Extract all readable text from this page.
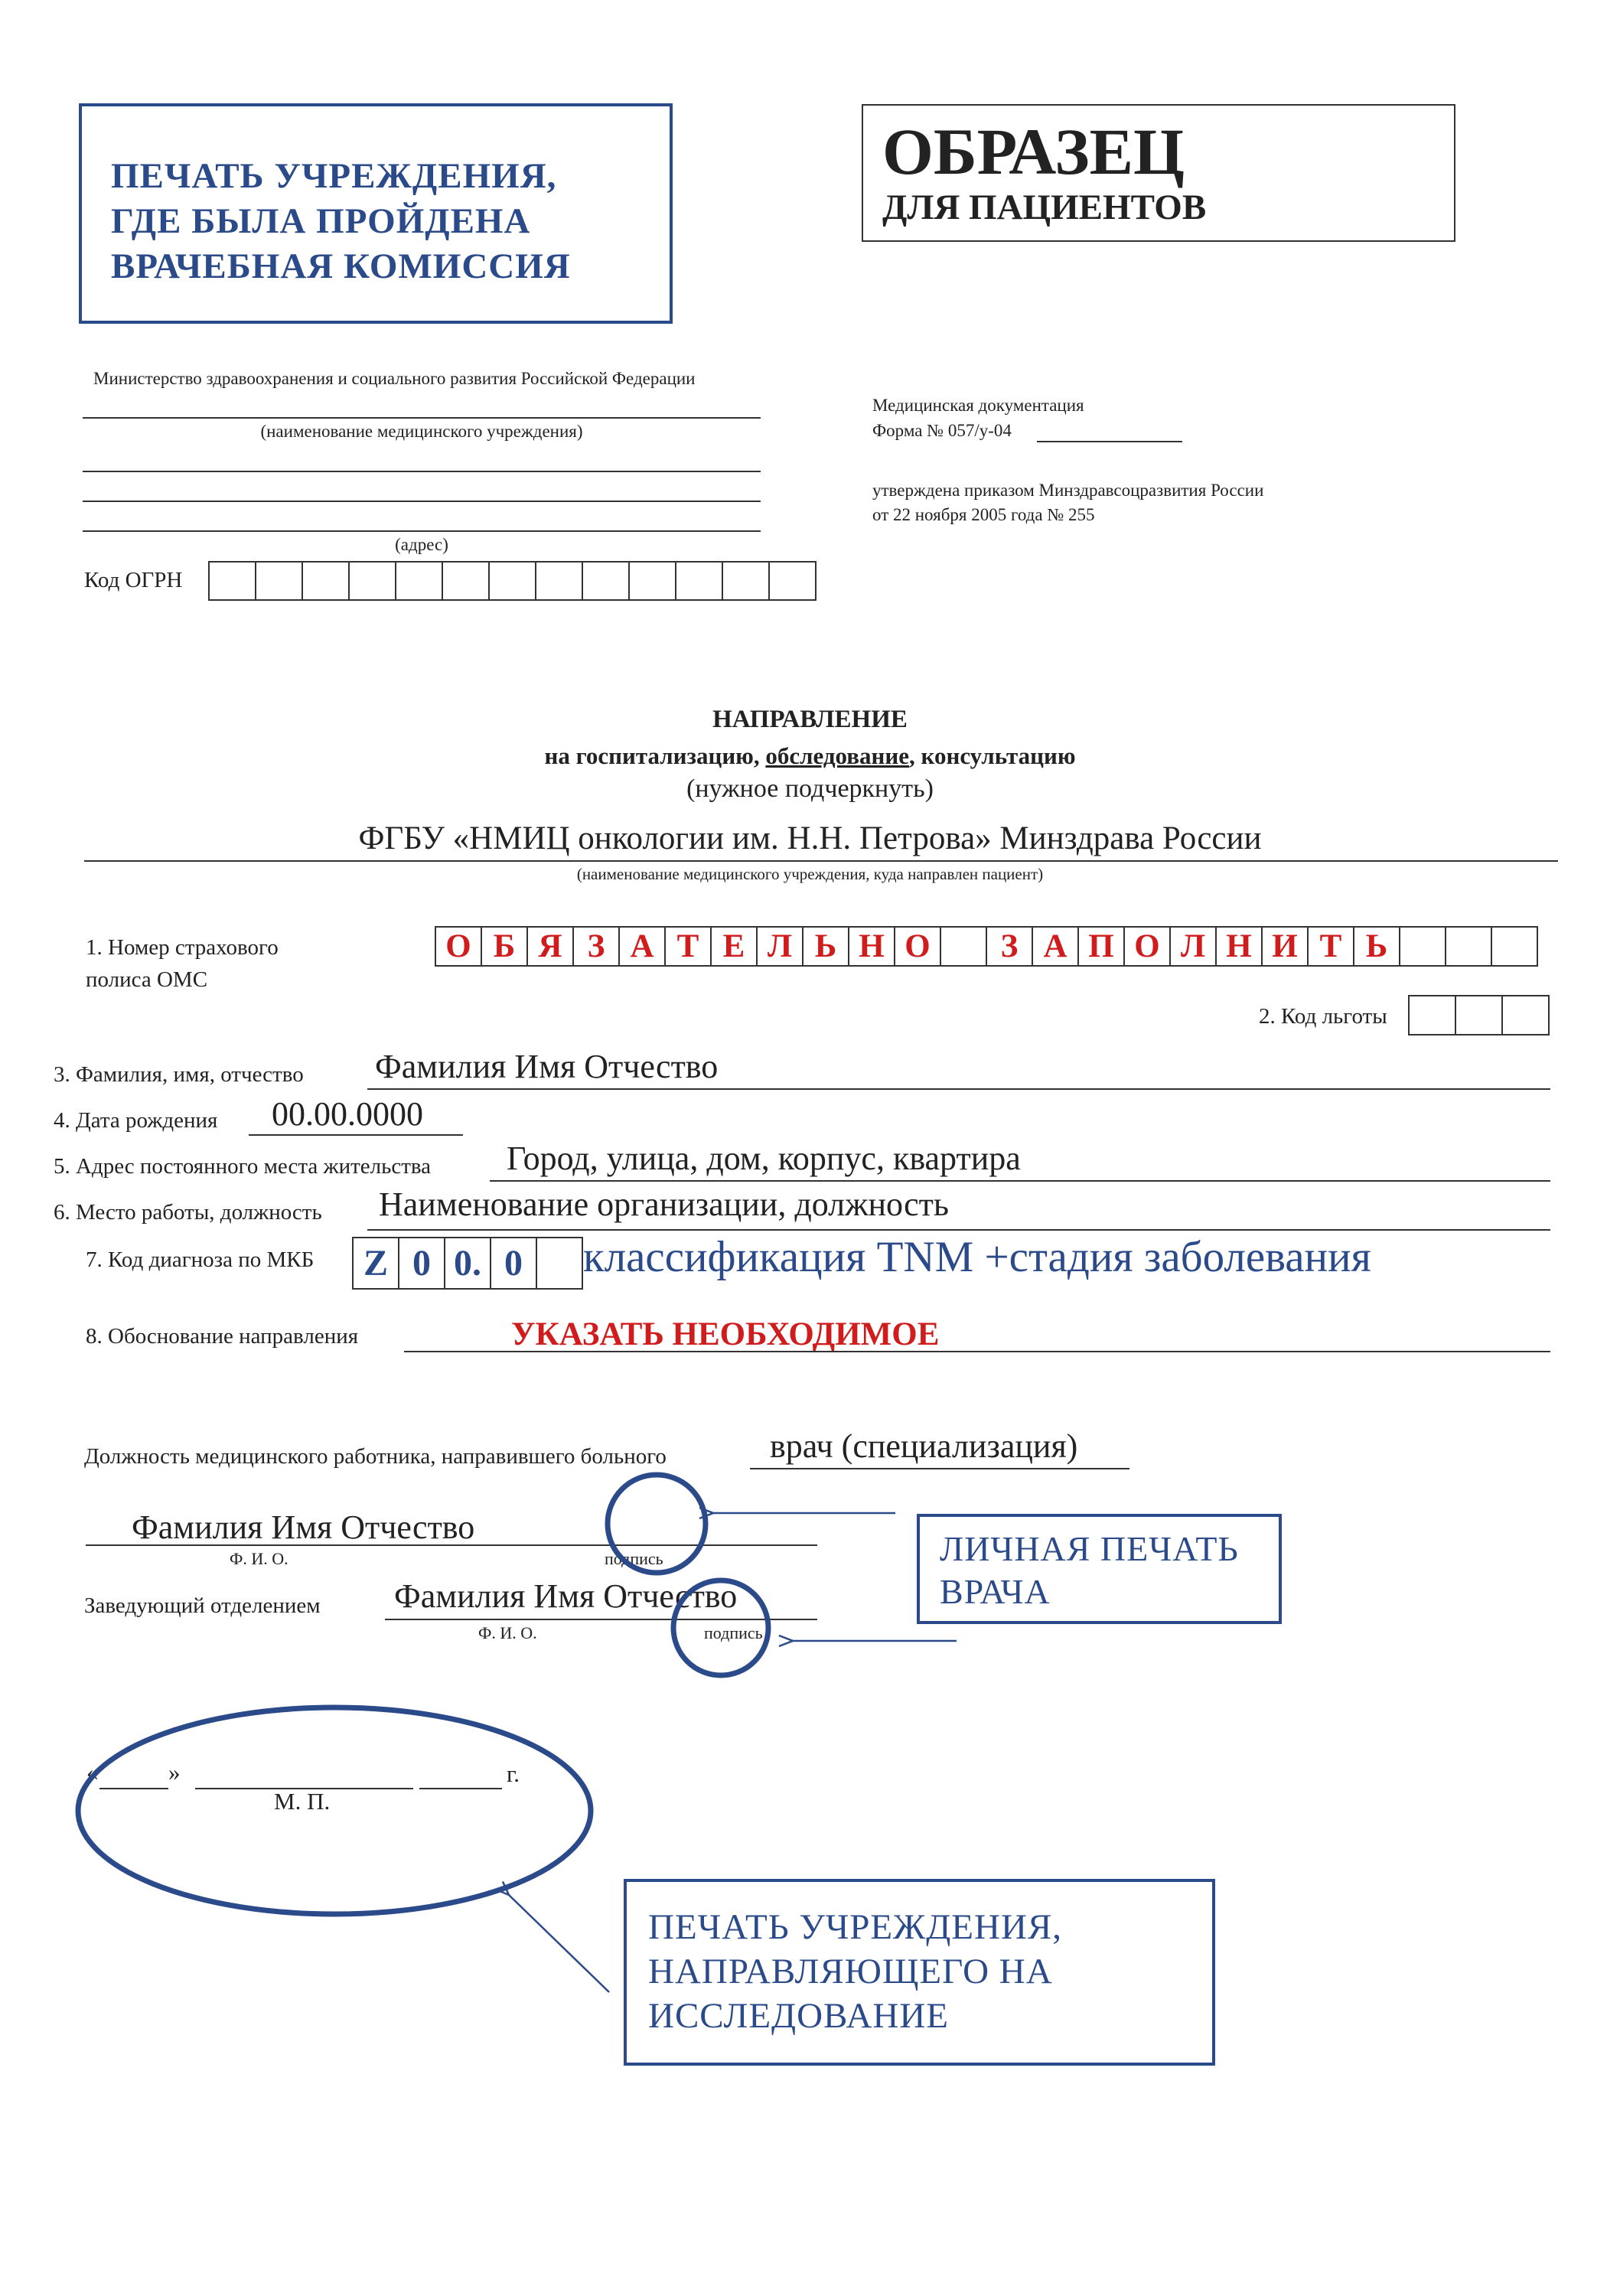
ПЕЧАТЬ УЧРЕЖДЕНИЯ,
ГДЕ БЫЛА ПРОЙДЕНА
ВРАЧЕБНАЯ КОМИССИЯ
ОБРАЗЕЦ
ДЛЯ ПАЦИЕНТОВ
Министерство здравоохранения и социального развития Российской Федерации
(наименование медицинского учреждения)
(адрес)
Код ОГРН
Медицинская документация
Форма № 057/у-04
утверждена приказом Минздравсоцразвития России
от 22 ноября 2005 года № 255
НАПРАВЛЕНИЕ
на госпитализацию, обследование, консультацию
(нужное подчеркнуть)
ФГБУ «НМИЦ онкологии им. Н.Н. Петрова» Минздрава России
(наименование медицинского учреждения, куда направлен пациент)
1. Номер страхового
полиса ОМС
О Б Я З А Т Е Л Ь Н О	З А П О Л Н И Т Ь
2. Код льготы
3. Фамилия, имя, отчество Фамилия Имя Отчество
4. Дата рождения 00.00.0000
5. Адрес постоянного места жительства Город, улица, дом, корпус, квартира
6. Место работы, должность Наименование организации, должность
7. Код диагноза по МКБ	Z 0 0. 0	классификация TNM +стадия заболевания
8. Обоснование направления	УКАЗАТЬ НЕОБХОДИМОЕ
Должность медицинского работника, направившего больного	врач (специализация)
Фамилия Имя Отчество
Ф. И. О.	подпись
Заведующий отделением Фамилия Имя Отчество
Ф. И. О.	подпись
«	»	г.
М. П.
ЛИЧНАЯ ПЕЧАТЬ
ВРАЧА
ПЕЧАТЬ УЧРЕЖДЕНИЯ,
НАПРАВЛЯЮЩЕГО НА
ИССЛЕДОВАНИЕ
